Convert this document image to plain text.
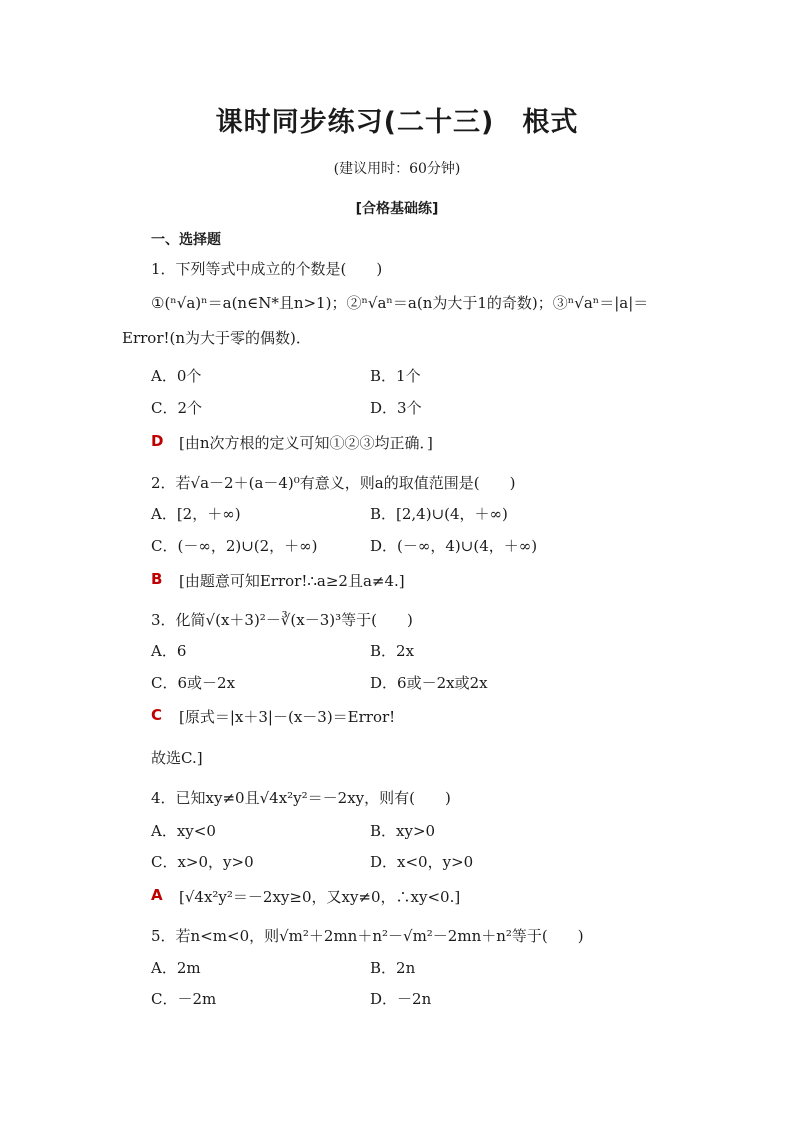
课时同步练习(二十三)　根式
(建议用时：60分钟)
[合格基础练]
一、选择题
1．下列等式中成立的个数是(　　)
①(ⁿ√a)ⁿ＝a(n∈N*且n>1)；②ⁿ√aⁿ＝a(n为大于1的奇数)；③ⁿ√aⁿ＝|a|＝
Error!(n为大于零的偶数)．
A．0个	B．1个
C．2个	D．3个
D [由n次方根的定义可知①②③均正确．]
2．若√a－2＋(a－4)⁰有意义，则a的取值范围是(　　)
A．[2，＋∞)	B．[2,4)∪(4，＋∞)
C．(－∞，2)∪(2，＋∞)	D．(－∞，4)∪(4，＋∞)
B [由题意可知Error!∴a≥2且a≠4.]
3．化简√(x＋3)²－∛(x－3)³等于(　　)
A．6	B．2x
C．6或－2x	D．6或－2x或2x
C [原式＝|x＋3|－(x－3)＝Error!
故选C.]
4．已知xy≠0且√4x²y²＝－2xy，则有(　　)
A．xy<0	B．xy>0
C．x>0，y>0	D．x<0，y>0
A [√4x²y²＝－2xy≥0，又xy≠0，∴xy<0.]
5．若n<m<0，则√m²＋2mn＋n²－√m²－2mn＋n²等于(　　)
A．2m	B．2n
C．－2m	D．－2n
